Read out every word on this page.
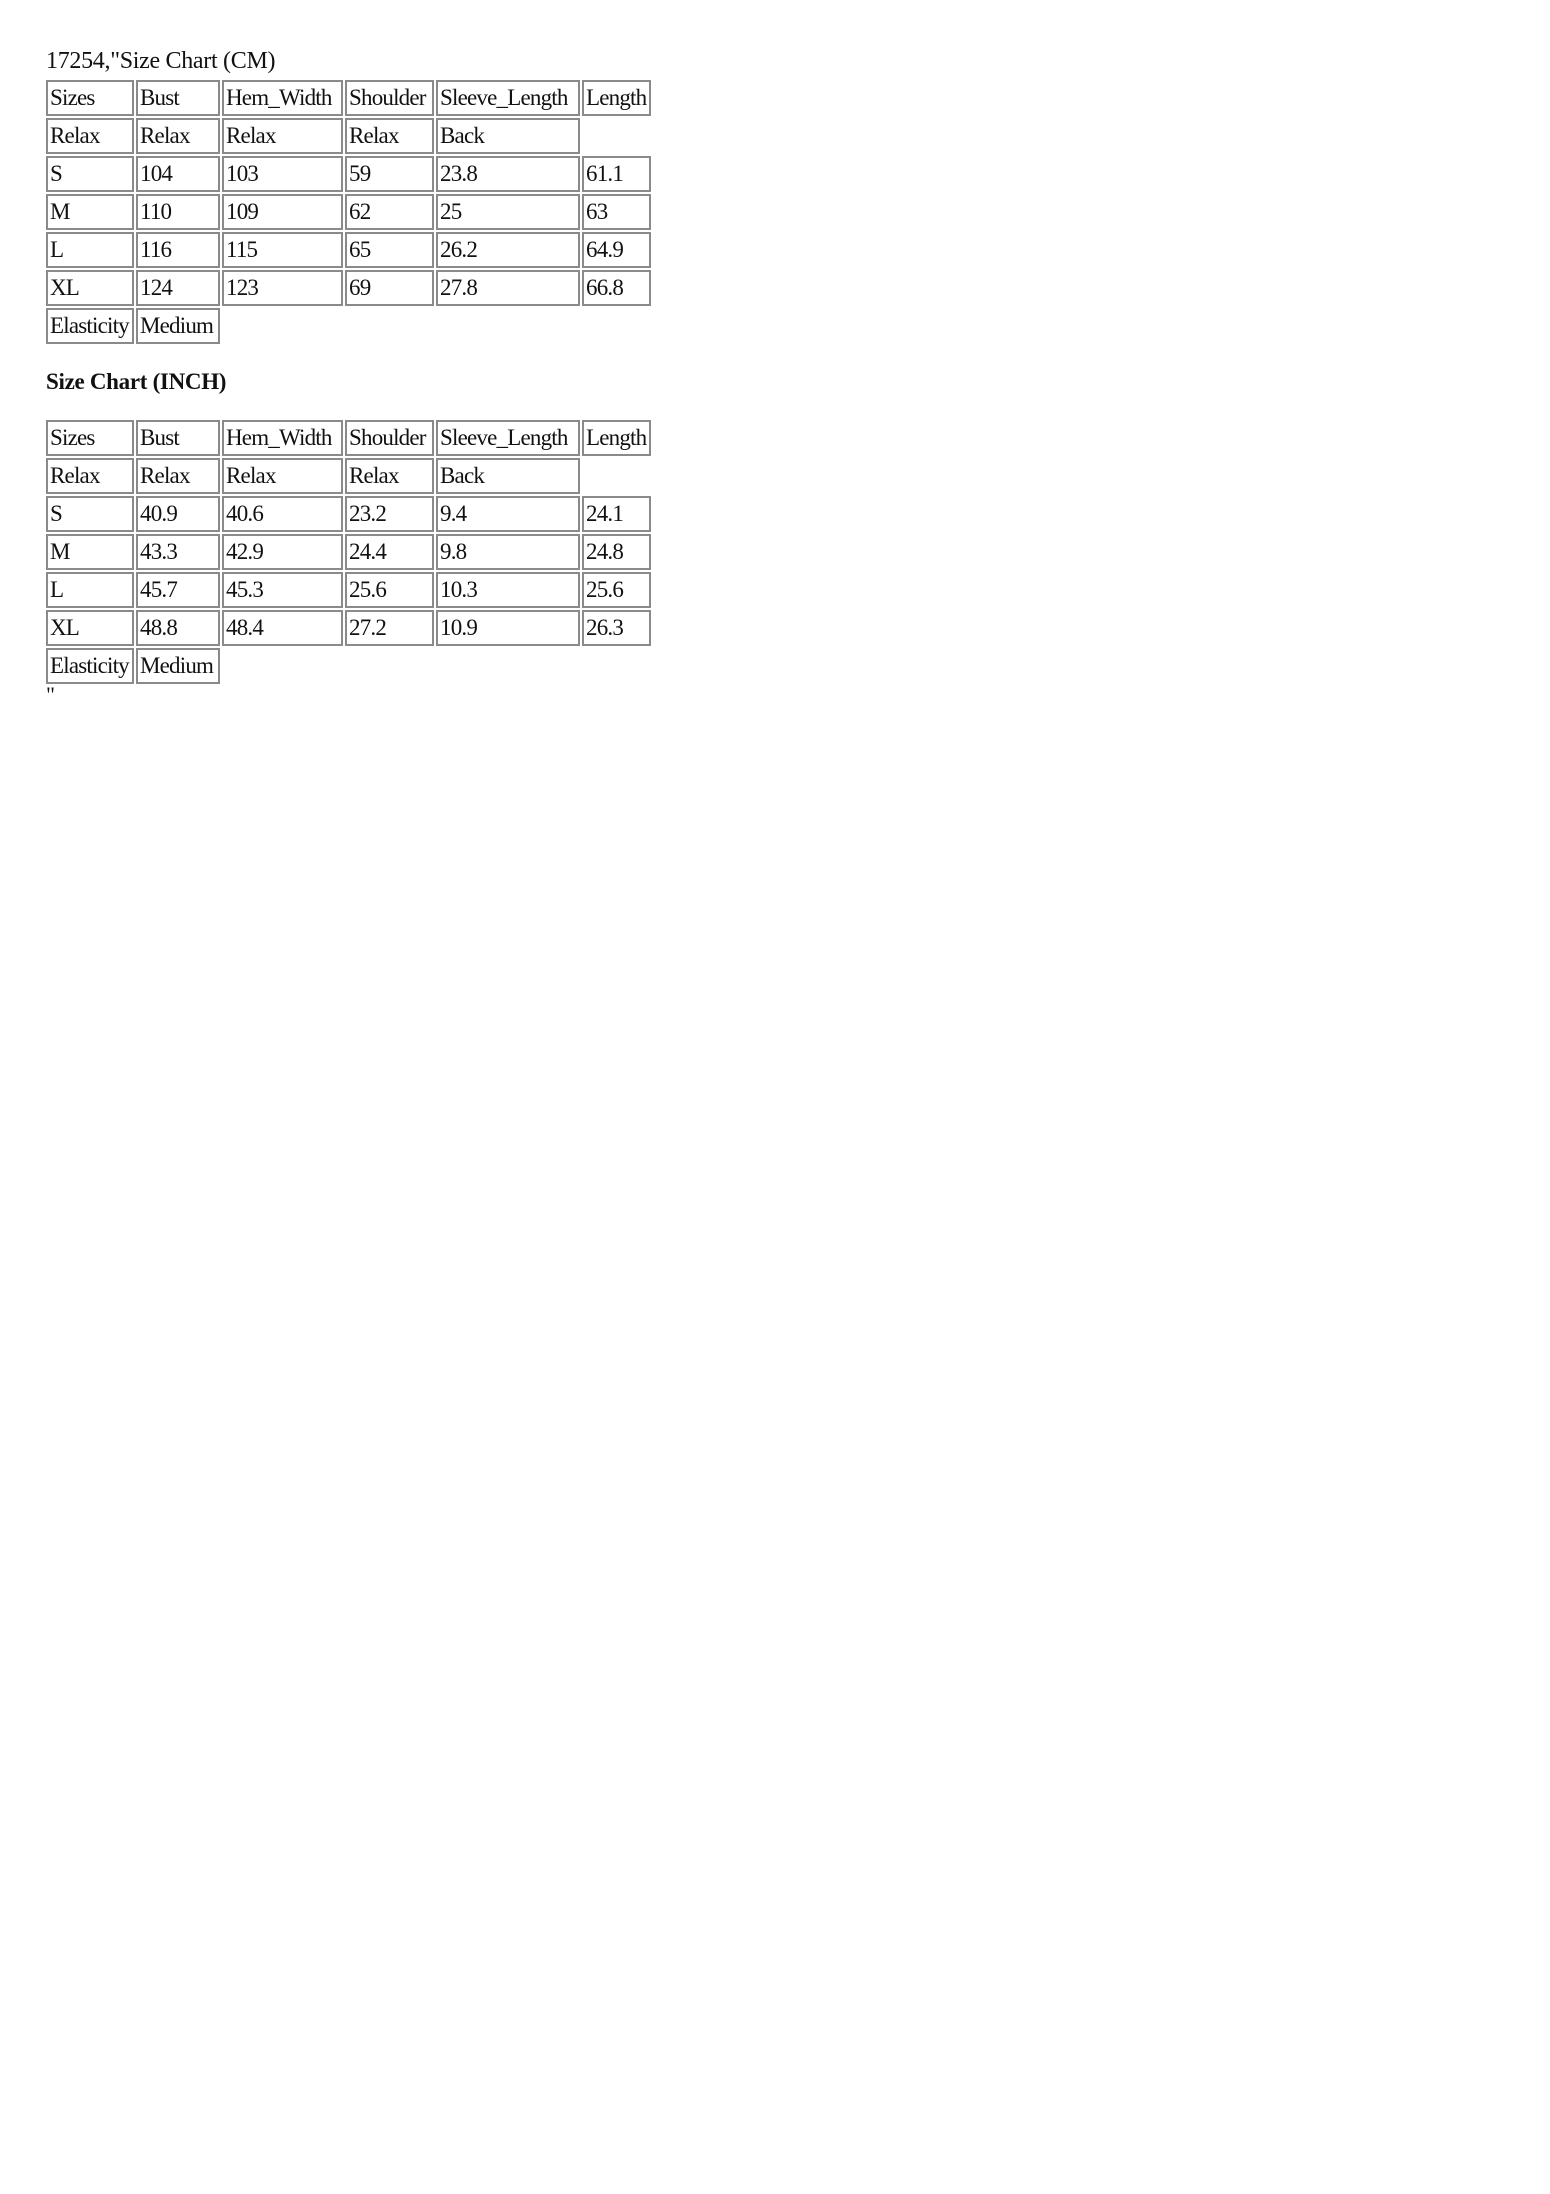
17254,"Size Chart (CM)
Sizes	Bust	Hem_Width	Shoulder	Sleeve_Length	Length
Relax	Relax	Relax	Relax	Back	
S	104	103	59	23.8	61.1
M	110	109	62	25	63
L	116	115	65	26.2	64.9
XL	124	123	69	27.8	66.8
Elasticity	Medium				
Size Chart (INCH)
Sizes	Bust	Hem_Width	Shoulder	Sleeve_Length	Length
Relax	Relax	Relax	Relax	Back	
S	40.9	40.6	23.2	9.4	24.1
M	43.3	42.9	24.4	9.8	24.8
L	45.7	45.3	25.6	10.3	25.6
XL	48.8	48.4	27.2	10.9	26.3
Elasticity	Medium				
"
